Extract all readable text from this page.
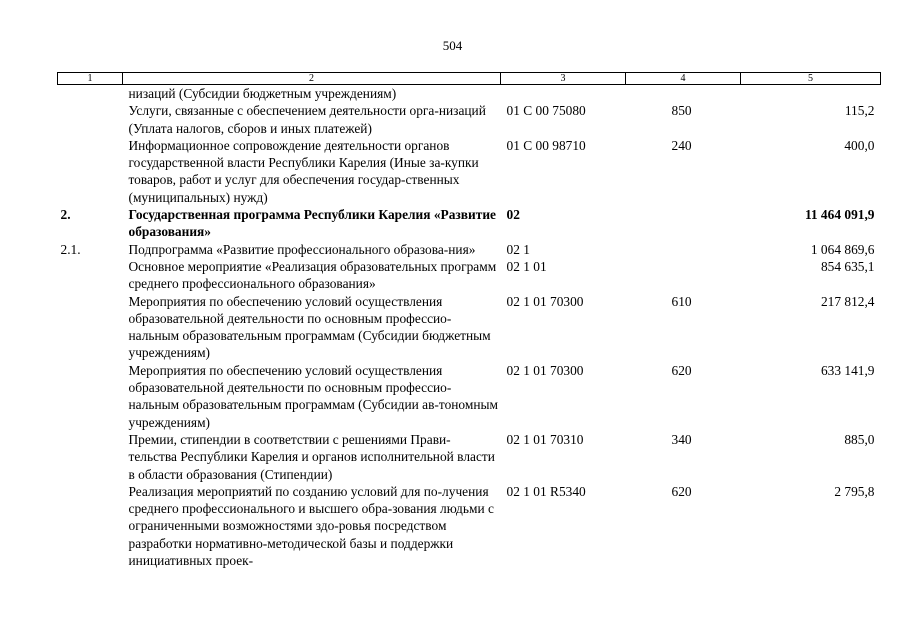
504
1	2	3	4	5
	низаций (Субсидии бюджетным учреждениям)			
	Услуги, связанные с обеспечением деятельности орга-низаций (Уплата налогов, сборов и иных платежей)	01 С 00 75080	850	115,2
	Информационное сопровождение деятельности органов государственной власти Республики Карелия (Иные за-купки товаров, работ и услуг для обеспечения государ-ственных (муниципальных) нужд)	01 С 00 98710	240	400,0
2.	Государственная программа Республики Карелия «Развитие образования»	02		11 464 091,9
2.1.	Подпрограмма «Развитие профессионального образова-ния»	02 1		1 064 869,6
	Основное мероприятие «Реализация образовательных программ среднего профессионального образования»	02 1 01		854 635,1
	Мероприятия по обеспечению условий осуществления образовательной деятельности по основным профессио-нальным образовательным программам (Субсидии бюджетным учреждениям)	02 1 01 70300	610	217 812,4
	Мероприятия по обеспечению условий осуществления образовательной деятельности по основным профессио-нальным образовательным программам (Субсидии ав-тономным учреждениям)	02 1 01 70300	620	633 141,9
	Премии, стипендии в соответствии с решениями Прави-тельства Республики Карелия и органов исполнительной власти в области образования (Стипендии)	02 1 01 70310	340	885,0
	Реализация мероприятий по созданию условий для по-лучения среднего профессионального и высшего обра-зования людьми с ограниченными возможностями здо-ровья посредством разработки нормативно-методической базы и поддержки инициативных проек-	02 1 01 R5340	620	2 795,8
